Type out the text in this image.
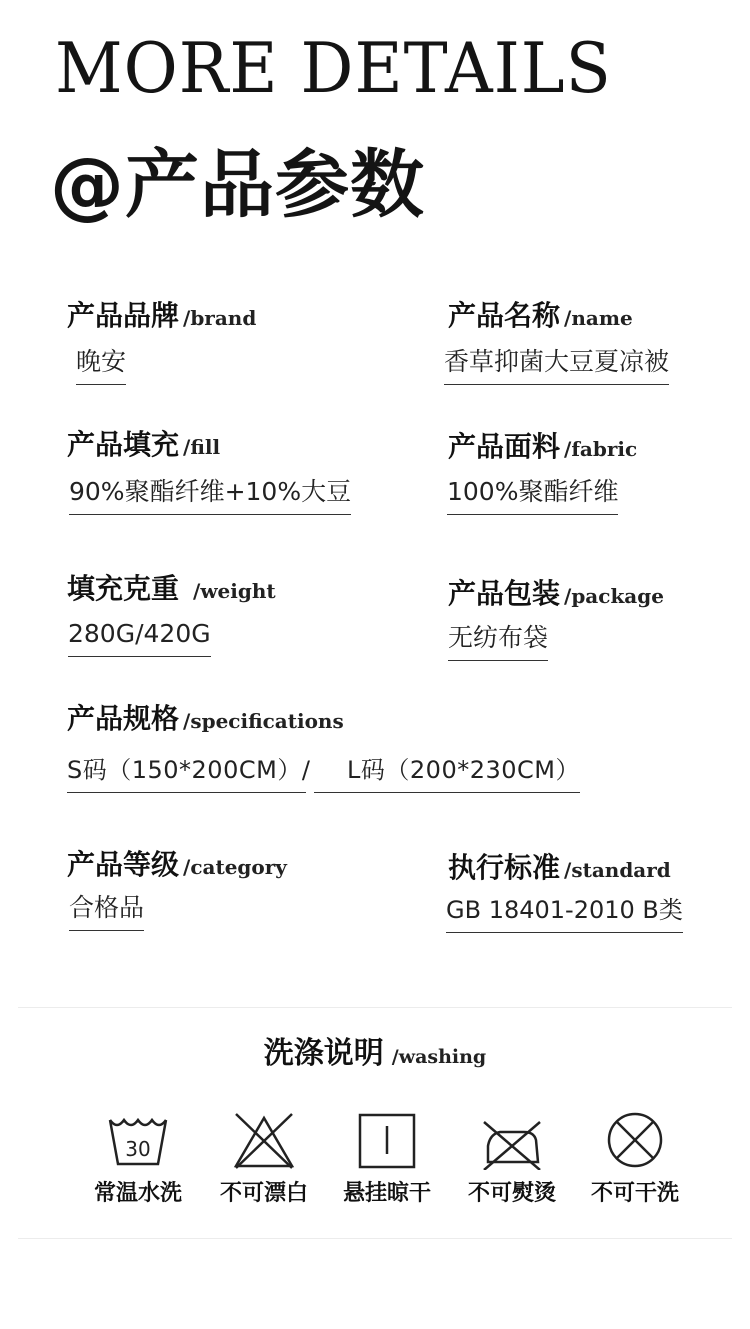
MORE DETAILS
@产品参数
产品品牌 /brand
晚安
产品名称 /name
香草抑菌大豆夏凉被
产品填充 /fill
90%聚酯纤维+10%大豆
产品面料 /fabric
100%聚酯纤维
填充克重 /weight
280G/420G
产品包装 /package
无纺布袋
产品规格 /specifications
S码（150*200CM）/	L码（200*230CM）
产品等级 /category
合格品
执行标准 /standard
GB 18401-2010 B类
洗涤说明 /washing
30
常温水洗	不可漂白	悬挂晾干	不可熨烫	不可干洗
